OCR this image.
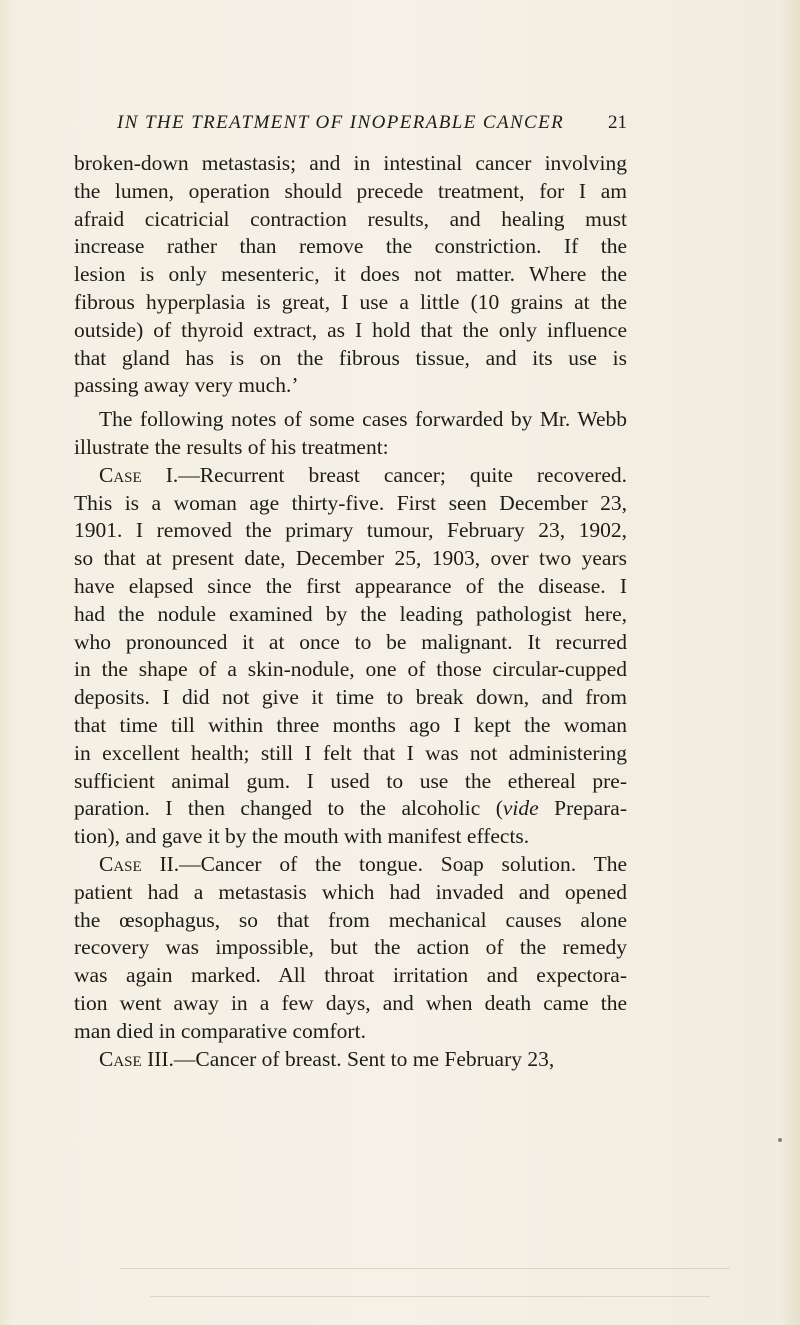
IN THE TREATMENT OF INOPERABLE CANCER 21
broken-down metastasis; and in intestinal cancer involving
the lumen, operation should precede treatment, for I am
afraid cicatricial contraction results, and healing must
increase rather than remove the constriction. If the
lesion is only mesenteric, it does not matter. Where the
fibrous hyperplasia is great, I use a little (10 grains at the
outside) of thyroid extract, as I hold that the only influence
that gland has is on the fibrous tissue, and its use is
passing away very much.’
The following notes of some cases forwarded by Mr. Webb
illustrate the results of his treatment:
Case I.—Recurrent breast cancer; quite recovered.
This is a woman age thirty-five. First seen December 23,
1901. I removed the primary tumour, February 23, 1902,
so that at present date, December 25, 1903, over two years
have elapsed since the first appearance of the disease. I
had the nodule examined by the leading pathologist here,
who pronounced it at once to be malignant. It recurred
in the shape of a skin-nodule, one of those circular-cupped
deposits. I did not give it time to break down, and from
that time till within three months ago I kept the woman
in excellent health; still I felt that I was not administering
sufficient animal gum. I used to use the ethereal pre-
paration. I then changed to the alcoholic (vide Prepara-
tion), and gave it by the mouth with manifest effects.
Case II.—Cancer of the tongue. Soap solution. The
patient had a metastasis which had invaded and opened
the œsophagus, so that from mechanical causes alone
recovery was impossible, but the action of the remedy
was again marked. All throat irritation and expectora-
tion went away in a few days, and when death came the
man died in comparative comfort.
Case III.—Cancer of breast. Sent to me February 23,
